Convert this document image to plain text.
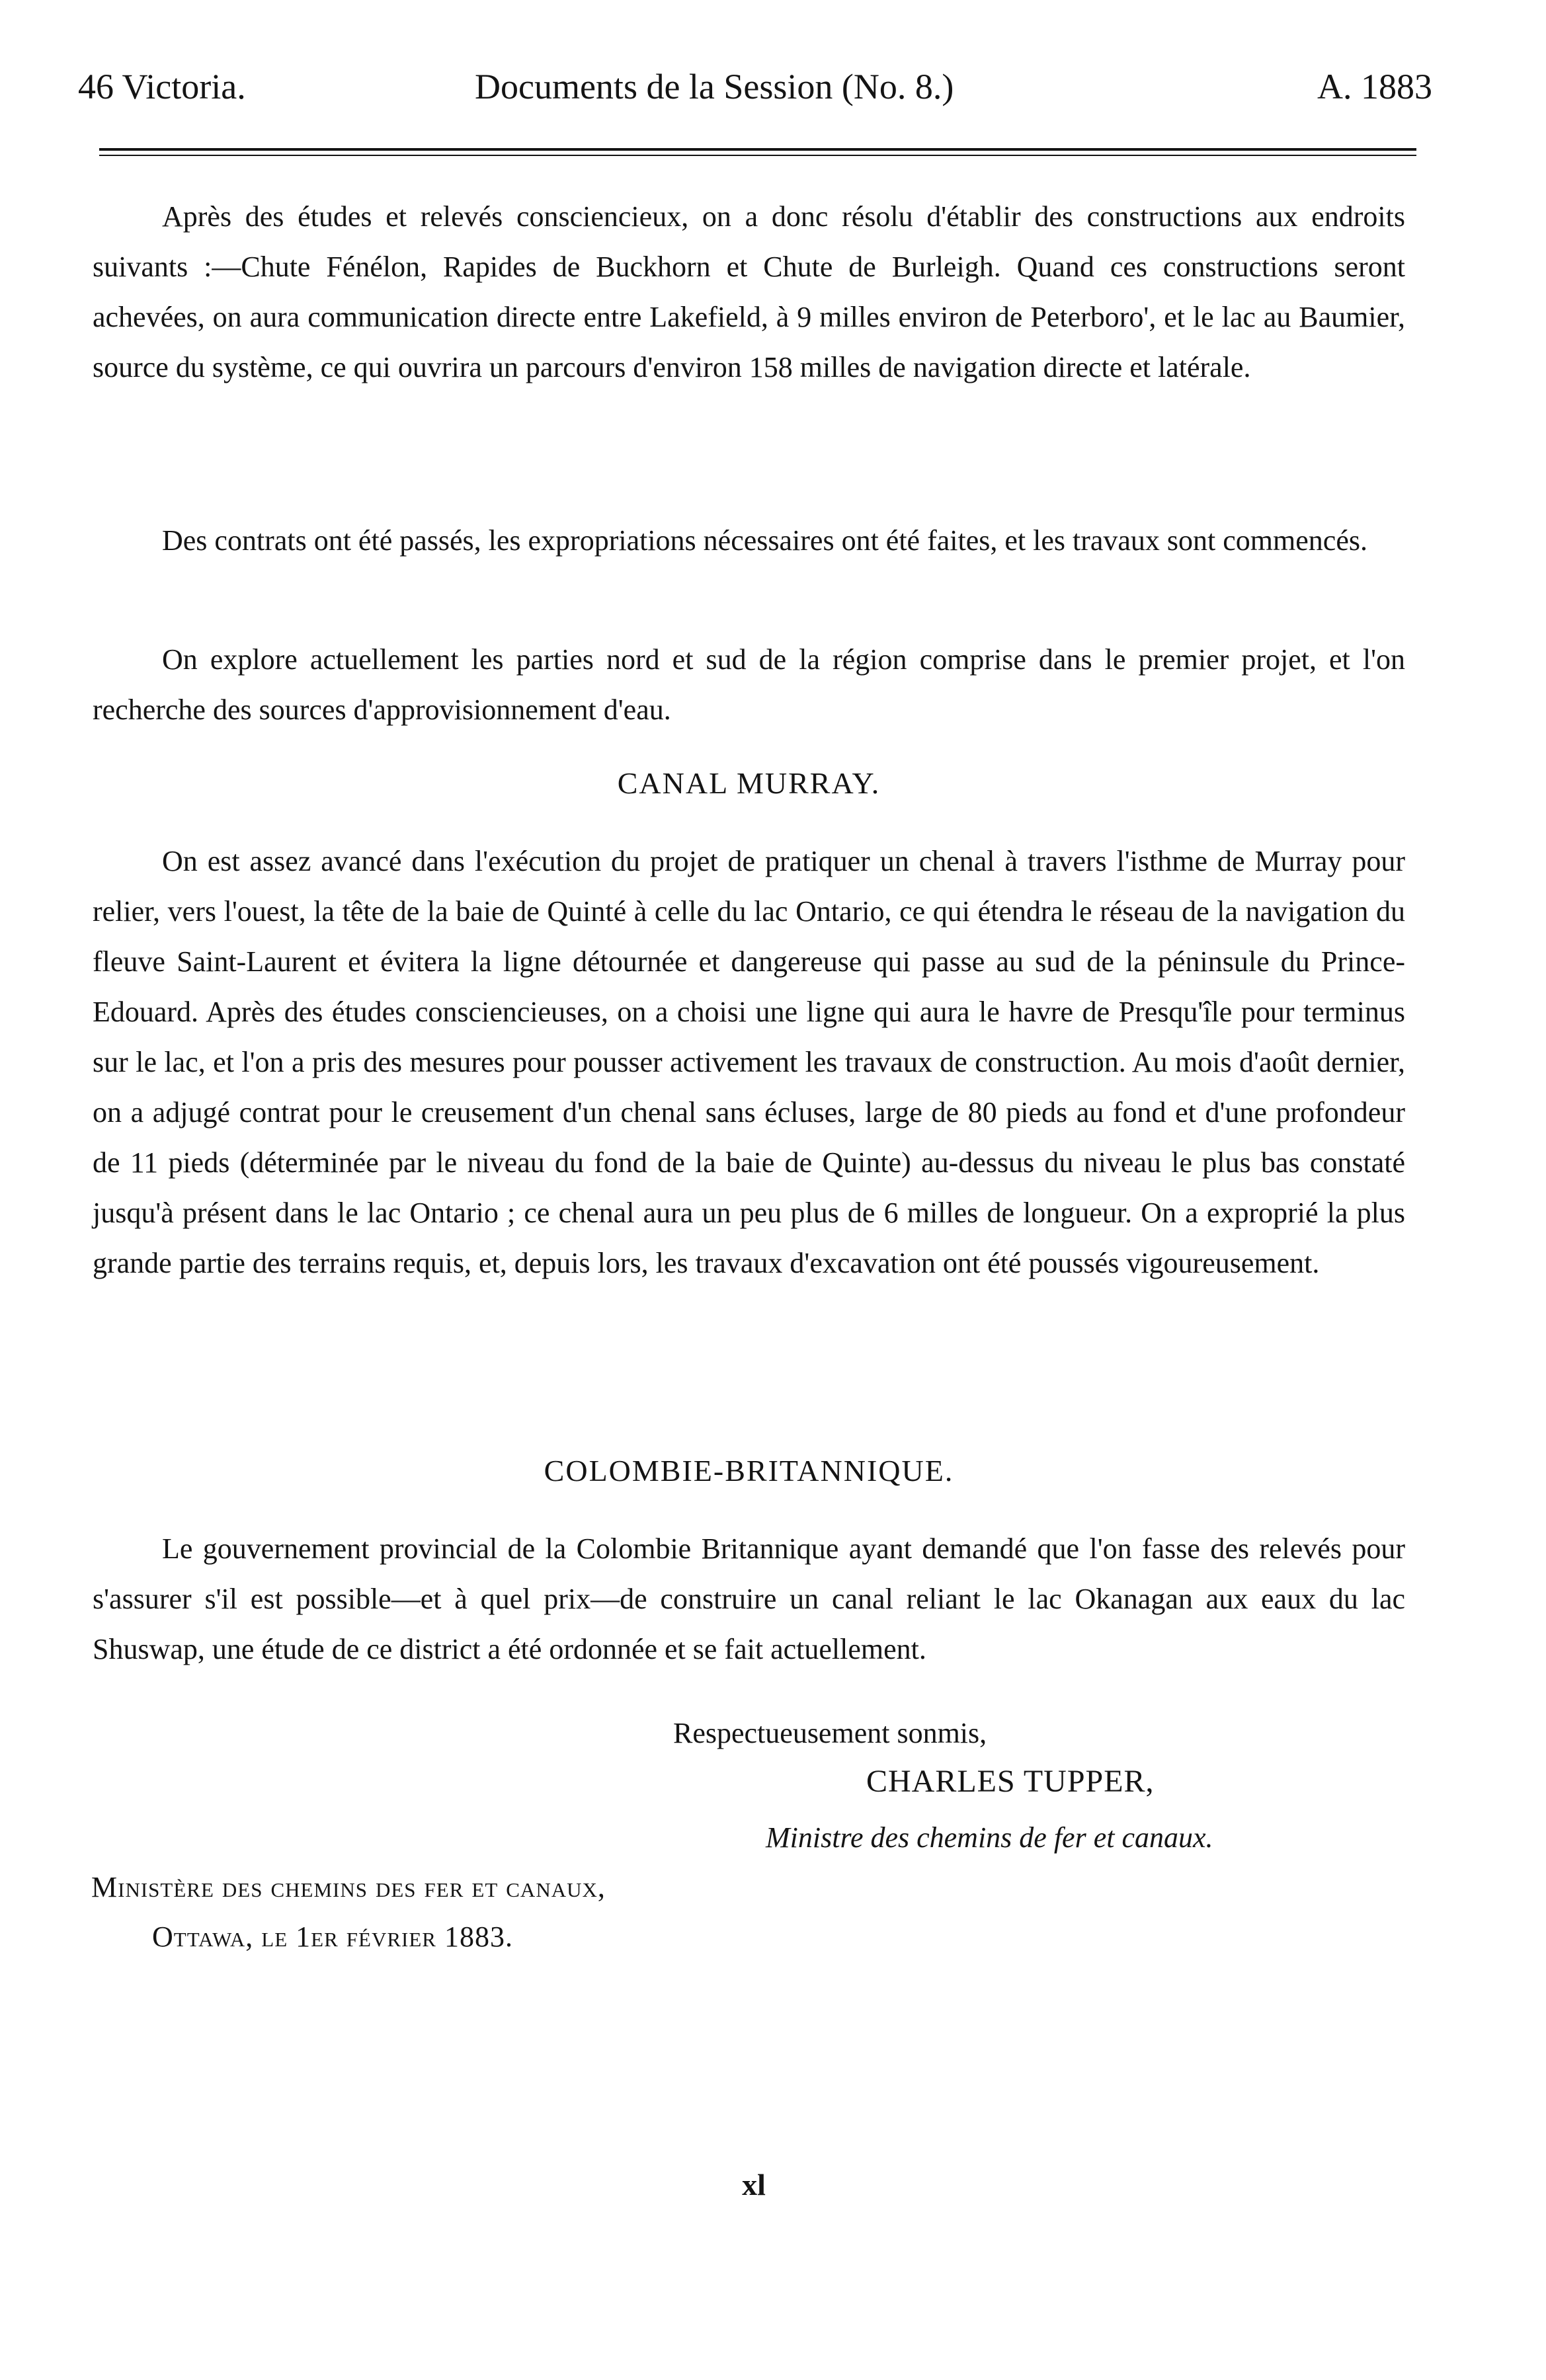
46 Victoria.	Documents de la Session (No. 8.)	A. 1883

Après des études et relevés consciencieux, on a donc résolu d'établir des constructions aux endroits suivants :—Chute Fénélon, Rapides de Buckhorn et Chute de Burleigh. Quand ces constructions seront achevées, on aura communication directe entre Lakefield, à 9 milles environ de Peterboro', et le lac au Baumier, source du système, ce qui ouvrira un parcours d'environ 158 milles de navigation directe et latérale.

Des contrats ont été passés, les expropriations nécessaires ont été faites, et les travaux sont commencés.

On explore actuellement les parties nord et sud de la région comprise dans le premier projet, et l'on recherche des sources d'approvisionnement d'eau.

CANAL MURRAY.

On est assez avancé dans l'exécution du projet de pratiquer un chenal à travers l'isthme de Murray pour relier, vers l'ouest, la tête de la baie de Quinté à celle du lac Ontario, ce qui étendra le réseau de la navigation du fleuve Saint-Laurent et évitera la ligne détournée et dangereuse qui passe au sud de la péninsule du Prince-Edouard. Après des études consciencieuses, on a choisi une ligne qui aura le havre de Presqu'île pour terminus sur le lac, et l'on a pris des mesures pour pousser activement les travaux de construction. Au mois d'août dernier, on a adjugé contrat pour le creusement d'un chenal sans écluses, large de 80 pieds au fond et d'une profondeur de 11 pieds (déterminée par le niveau du fond de la baie de Quinte) au-dessus du niveau le plus bas constaté jusqu'à présent dans le lac Ontario ; ce chenal aura un peu plus de 6 milles de longueur. On a exproprié la plus grande partie des terrains requis, et, depuis lors, les travaux d'excavation ont été poussés vigoureusement.

COLOMBIE-BRITANNIQUE.

Le gouvernement provincial de la Colombie Britannique ayant demandé que l'on fasse des relevés pour s'assurer s'il est possible—et à quel prix—de construire un canal reliant le lac Okanagan aux eaux du lac Shuswap, une étude de ce district a été ordonnée et se fait actuellement.

Respectueusement sonmis,
CHARLES TUPPER,
Ministre des chemins de fer et canaux.
Ministère des chemins des fer et canaux,
Ottawa, le 1er février 1883.
xl
